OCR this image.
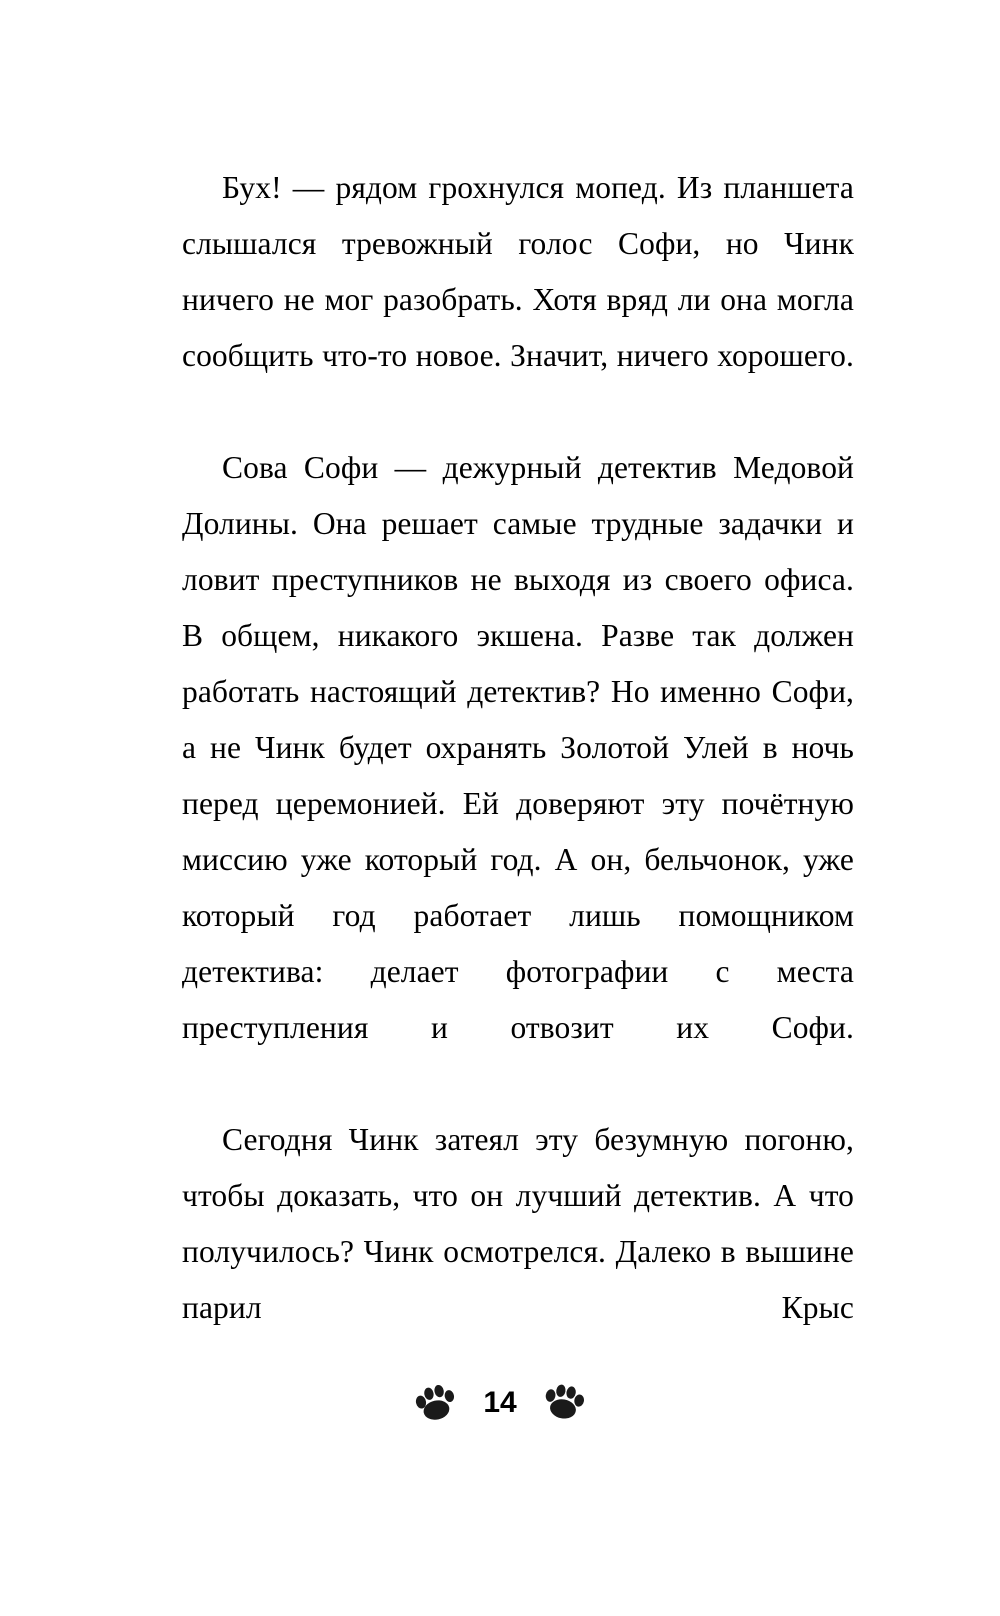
Бух! — рядом грохнулся мопед. Из планшета слышался тревожный голос Софи, но Чинк ничего не мог разобрать. Хотя вряд ли она могла сообщить что-то новое. Значит, ничего хорошего.

Сова Софи — дежурный детектив Медовой Долины. Она решает самые трудные задачки и ловит преступников не выходя из своего офиса. В общем, никакого экшена. Разве так должен работать настоящий детектив? Но именно Софи, а не Чинк будет охранять Золотой Улей в ночь перед церемонией. Ей доверяют эту почётную миссию уже который год. А он, бельчонок, уже который год работает лишь помощником детектива: делает фотографии с места преступления и отвозит их Софи.

Сегодня Чинк затеял эту безумную погоню, чтобы доказать, что он лучший детектив. А что получилось? Чинк осмотрелся. Далеко в вышине парил Крыс

14
